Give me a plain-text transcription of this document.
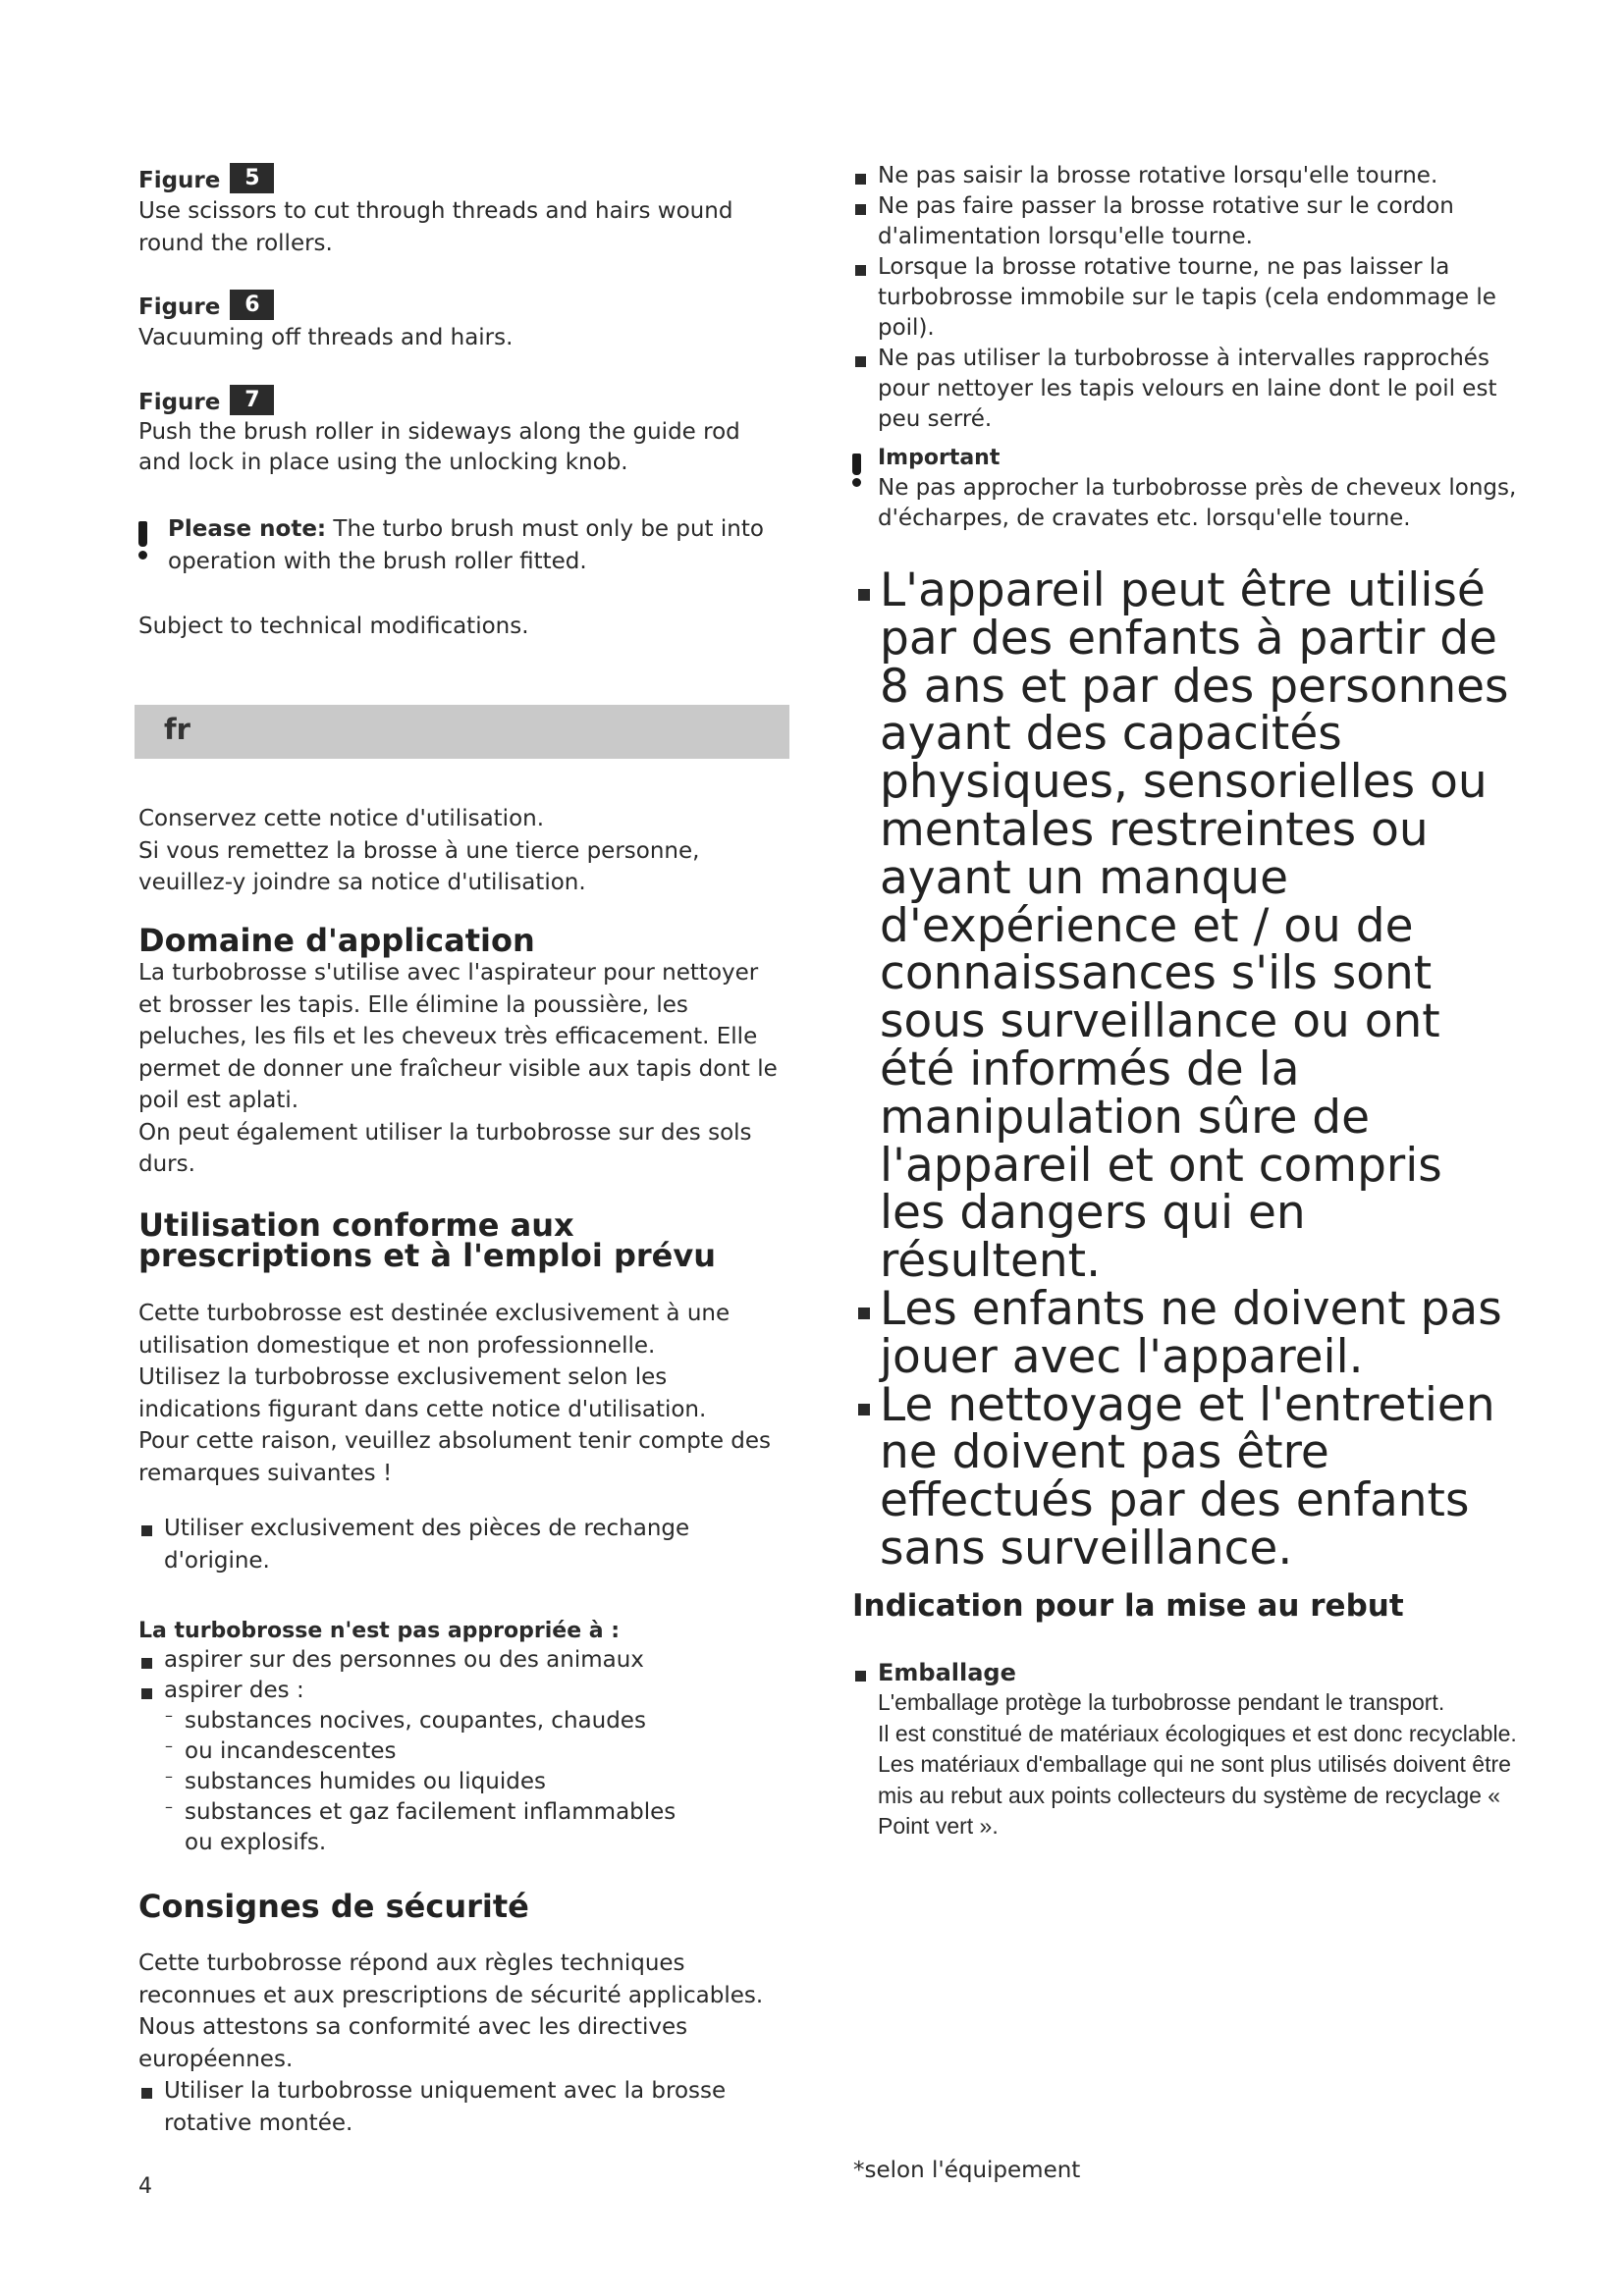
Figure	5

Use scissors to cut through threads and hairs wound round the rollers.

Figure	6

Vacuuming off threads and hairs.

Figure	7

Push the brush roller in sideways along the guide rod and lock in place using the unlocking knob.

Please note: The turbo brush must only be put into operation with the brush roller fitted.

Subject to technical modifications.

Conservez cette notice d'utilisation.

Si vous remettez la brosse à une tierce personne, veuillez-y joindre sa notice d'utilisation.

Domaine d'application

La turbobrosse s'utilise avec l'aspirateur pour nettoyer et brosser les tapis. Elle élimine la poussière, les peluches, les fils et les cheveux très efficacement. Elle permet de donner une fraîcheur visible aux tapis dont le poil est aplati.

On peut également utiliser la turbobrosse sur des sols durs.

Utilisation conforme aux prescriptions et à l'emploi prévu

Cette turbobrosse est destinée exclusivement à une utilisation domestique et non professionnelle.

Utilisez la turbobrosse exclusivement selon les indications figurant dans cette notice d'utilisation.

Pour cette raison, veuillez absolument tenir compte des remarques suivantes !

Utiliser exclusivement des pièces de rechange d'origine.

La turbobrosse n'est pas appropriée à :

aspirer sur des personnes ou des animaux

aspirer des :

– substances nocives, coupantes, chaudes

– ou incandescentes

– substances humides ou liquides

– substances et gaz facilement inflammables ou explosifs.

Consignes de sécurité

Cette turbobrosse répond aux règles techniques reconnues et aux prescriptions de sécurité applicables.

Nous attestons sa conformité avec les directives européennes.

Utiliser la turbobrosse uniquement avec la brosse rotative montée.

fr
4

Ne pas saisir la brosse rotative lorsqu'elle tourne.

Ne pas faire passer la brosse rotative sur le cordon d'alimentation lorsqu'elle tourne.

Lorsque la brosse rotative tourne, ne pas laisser la turbobrosse immobile sur le tapis (cela endommage le poil).

Ne pas utiliser la turbobrosse à intervalles rapprochés pour nettoyer les tapis velours en laine dont le poil est peu serré.

Important

Ne pas approcher la turbobrosse près de cheveux longs, d'écharpes, de cravates etc. lorsqu'elle tourne.

L'appareil peut être utilisé par des enfants à partir de 8 ans et par des personnes ayant des capacités physiques, sensorielles ou mentales restreintes ou ayant un manque d'expérience et / ou de connaissances s'ils sont sous surveillance ou ont été informés de la manipulation sûre de l'appareil et ont compris les dangers qui en résultent.
Les enfants ne doivent pas jouer avec l'appareil.
Le nettoyage et l'entretien ne doivent pas être effectués par des enfants sans surveillance.
Indication pour la mise au rebut
Emballage

L'emballage protège la turbobrosse pendant le transport.

Il est constitué de matériaux écologiques et est donc recyclable.

Les matériaux d'emballage qui ne sont plus utilisés doivent être mis au rebut aux points collecteurs du système de recyclage « Point vert ».

*selon l'équipement
